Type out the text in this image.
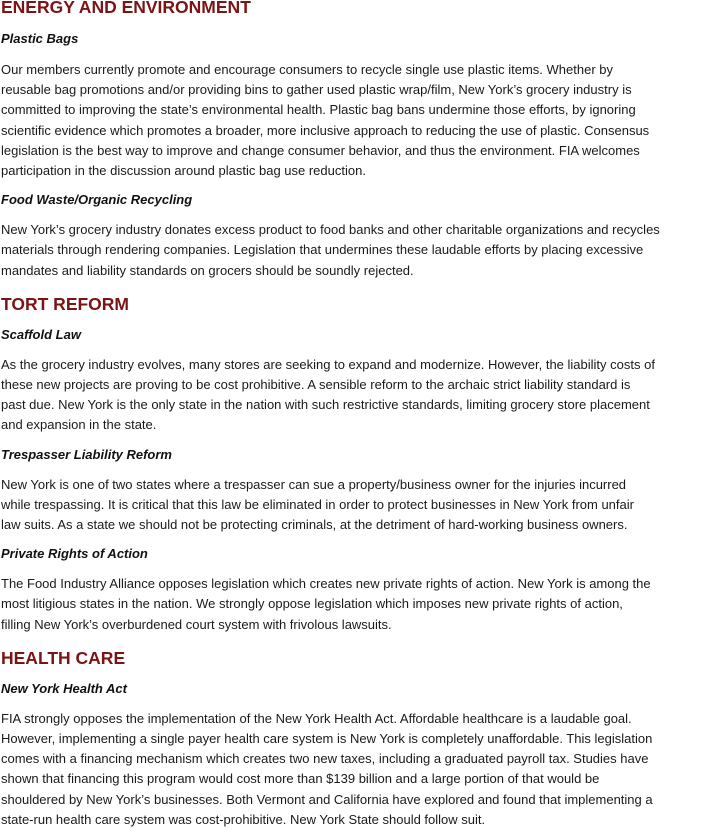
ENERGY AND ENVIRONMENT
Plastic Bags

Our members currently promote and encourage consumers to recycle single use plastic items. Whether by
reusable bag promotions and/or providing bins to gather used plastic wrap/film, New York’s grocery industry is
committed to improving the state’s environmental health. Plastic bag bans undermine those efforts, by ignoring
scientific evidence which promotes a broader, more inclusive approach to reducing the use of plastic. Consensus
legislation is the best way to improve and change consumer behavior, and thus the environment. FIA welcomes
participation in the discussion around plastic bag use reduction.

Food Waste/Organic Recycling

New York’s grocery industry donates excess product to food banks and other charitable organizations and recycles
materials through rendering companies. Legislation that undermines these laudable efforts by placing excessive
mandates and liability standards on grocers should be soundly rejected.

TORT REFORM
Scaffold Law

As the grocery industry evolves, many stores are seeking to expand and modernize. However, the liability costs of
these new projects are proving to be cost prohibitive. A sensible reform to the archaic strict liability standard is
past due. New York is the only state in the nation with such restrictive standards, limiting grocery store placement
and expansion in the state.

Trespasser Liability Reform

New York is one of two states where a trespasser can sue a property/business owner for the injuries incurred
while trespassing. It is critical that this law be eliminated in order to protect businesses in New York from unfair
law suits. As a state we should not be protecting criminals, at the detriment of hard-working business owners.

Private Rights of Action

The Food Industry Alliance opposes legislation which creates new private rights of action. New York is among the
most litigious states in the nation. We strongly oppose legislation which imposes new private rights of action,
filling New York’s overburdened court system with frivolous lawsuits.

HEALTH CARE
New York Health Act

FIA strongly opposes the implementation of the New York Health Act. Affordable healthcare is a laudable goal.
However, implementing a single payer health care system is New York is completely unaffordable. This legislation
comes with a financing mechanism which creates two new taxes, including a graduated payroll tax. Studies have
shown that financing this program would cost more than $139 billion and a large portion of that would be
shouldered by New York’s businesses. Both Vermont and California have explored and found that implementing a
state-run health care system was cost-prohibitive. New York State should follow suit.
